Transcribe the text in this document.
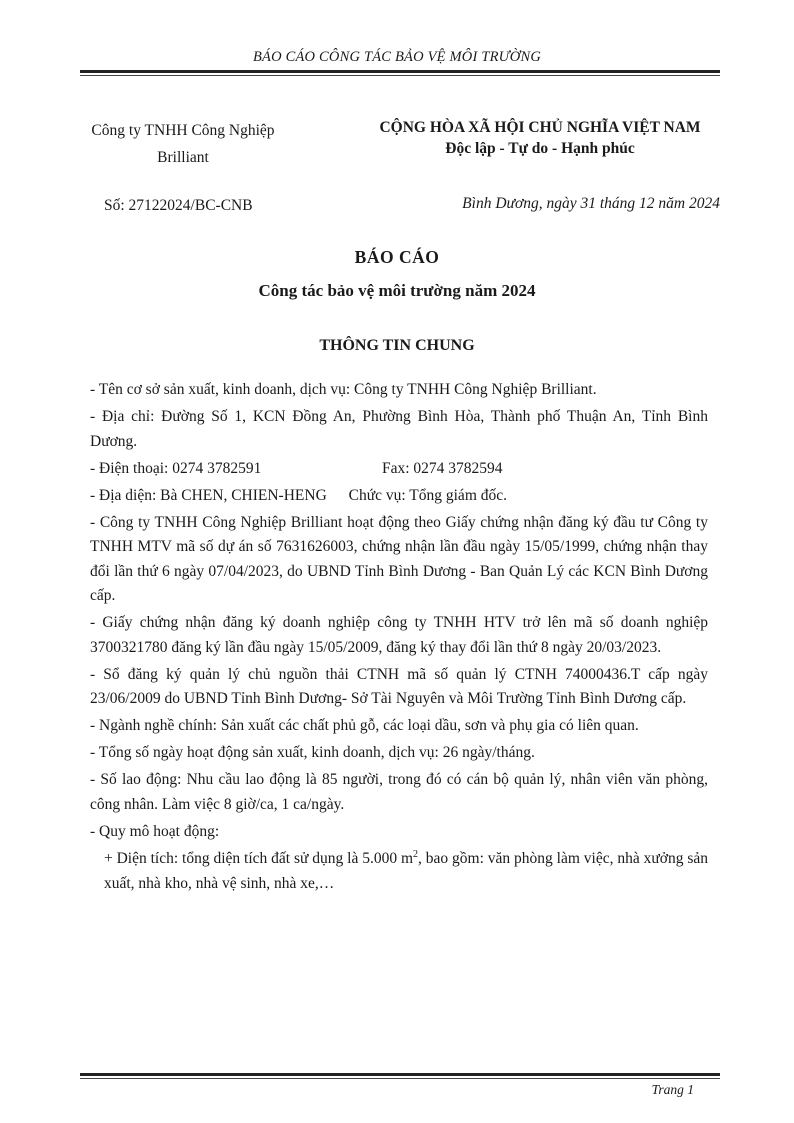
BÁO CÁO CÔNG TÁC BẢO VỆ MÔI TRƯỜNG
Công ty TNHH Công Nghiệp
Brilliant
CỘNG HÒA XÃ HỘI CHỦ NGHĨA VIỆT NAM
Độc lập - Tự do - Hạnh phúc
Số: 27122024/BC-CNB	Bình Dương, ngày 31 tháng 12 năm 2024
BÁO CÁO
Công tác bảo vệ môi trường năm 2024
THÔNG TIN CHUNG

- Tên cơ sở sản xuất, kinh doanh, dịch vụ: Công ty TNHH Công Nghiệp Brilliant.

- Địa chỉ: Đường Số 1, KCN Đồng An, Phường Bình Hòa, Thành phố Thuận An, Tỉnh Bình Dương.

- Điện thoại: 0274 3782591	Fax: 0274 3782594

- Địa diện: Bà CHEN, CHIEN-HENG Chức vụ: Tổng giám đốc.

- Công ty TNHH Công Nghiệp Brilliant hoạt động theo Giấy chứng nhận đăng ký đầu tư Công ty TNHH MTV mã số dự án số 7631626003, chứng nhận lần đầu ngày 15/05/1999, chứng nhận thay đổi lần thứ 6 ngày 07/04/2023, do UBND Tỉnh Bình Dương - Ban Quản Lý các KCN Bình Dương cấp.

- Giấy chứng nhận đăng ký doanh nghiệp công ty TNHH HTV trở lên mã số doanh nghiệp 3700321780 đăng ký lần đầu ngày 15/05/2009, đăng ký thay đổi lần thứ 8 ngày 20/03/2023.

- Sổ đăng ký quản lý chủ nguồn thải CTNH mã số quản lý CTNH 74000436.T cấp ngày 23/06/2009 do UBND Tỉnh Bình Dương- Sở Tài Nguyên và Môi Trường Tỉnh Bình Dương cấp.

- Ngành nghề chính: Sản xuất các chất phủ gỗ, các loại dầu, sơn và phụ gia có liên quan.

- Tổng số ngày hoạt động sản xuất, kinh doanh, dịch vụ: 26 ngày/tháng.

- Số lao động: Nhu cầu lao động là 85 người, trong đó có cán bộ quản lý, nhân viên văn phòng, công nhân. Làm việc 8 giờ/ca, 1 ca/ngày.

- Quy mô hoạt động:

+ Diện tích: tổng diện tích đất sử dụng là 5.000 $m^2$, bao gồm: văn phòng làm việc, nhà xưởng sản xuất, nhà kho, nhà vệ sinh, nhà xe,…

Trang 1
